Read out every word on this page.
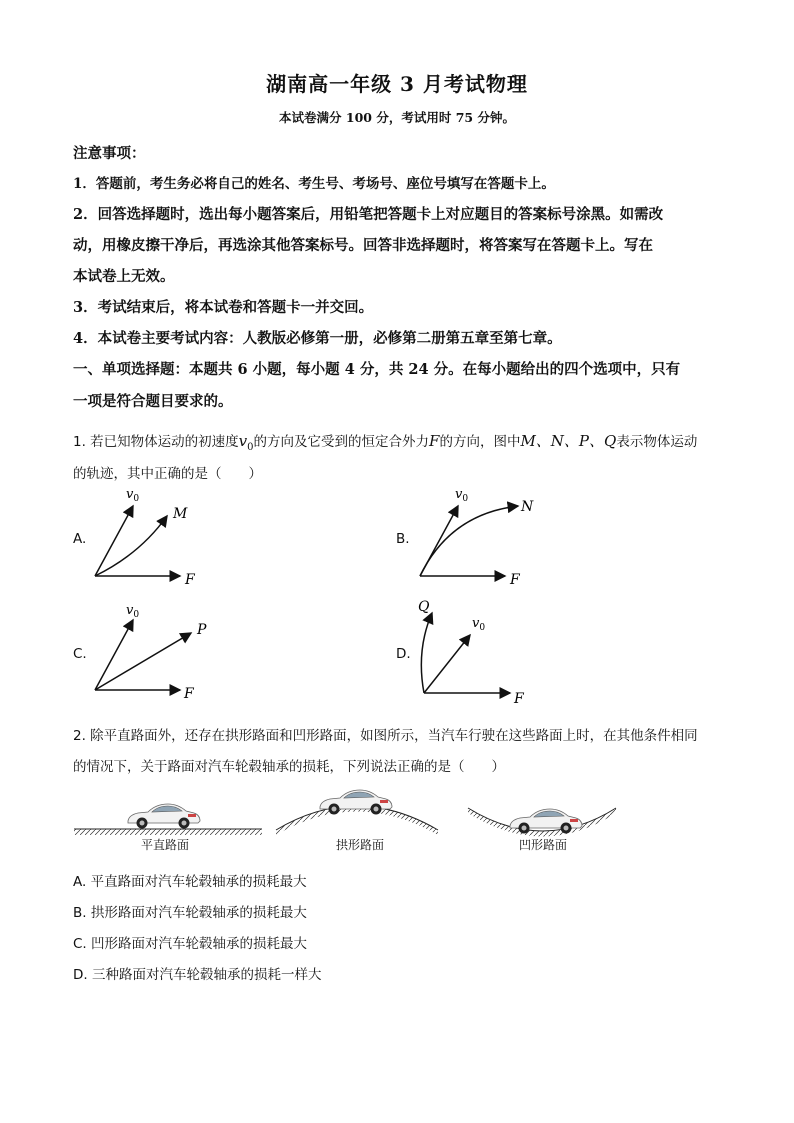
湖南高一年级 3 月考试物理
本试卷满分 100 分，考试用时 75 分钟。
注意事项：
1．答题前，考生务必将自己的姓名、考生号、考场号、座位号填写在答题卡上。
2．回答选择题时，选出每小题答案后，用铅笔把答题卡上对应题目的答案标号涂黑。如需改
动，用橡皮擦干净后，再选涂其他答案标号。回答非选择题时，将答案写在答题卡上。写在
本试卷上无效。
3．考试结束后，将本试卷和答题卡一并交回。
4．本试卷主要考试内容：人教版必修第一册，必修第二册第五章至第七章。
一、单项选择题：本题共 6 小题，每小题 4 分，共 24 分。在每小题给出的四个选项中，只有
一项是符合题目要求的。
1. 若已知物体运动的初速度$v_0$的方向及它受到的恒定合外力F的方向，图中M、N、P、Q表示物体运动
的轨迹，其中正确的是（　　）
A.
$v_0$
M
F
B.
$v_0$	N
F
C.
$v_0$
P
F
D.
Q
$v_0$
F
2. 除平直路面外，还存在拱形路面和凹形路面，如图所示，当汽车行驶在这些路面上时，在其他条件相同
的情况下，关于路面对汽车轮毂轴承的损耗，下列说法正确的是（　　）
平直路面	拱形路面	凹形路面
A. 平直路面对汽车轮毂轴承的损耗最大
B. 拱形路面对汽车轮毂轴承的损耗最大
C. 凹形路面对汽车轮毂轴承的损耗最大
D. 三种路面对汽车轮毂轴承的损耗一样大
